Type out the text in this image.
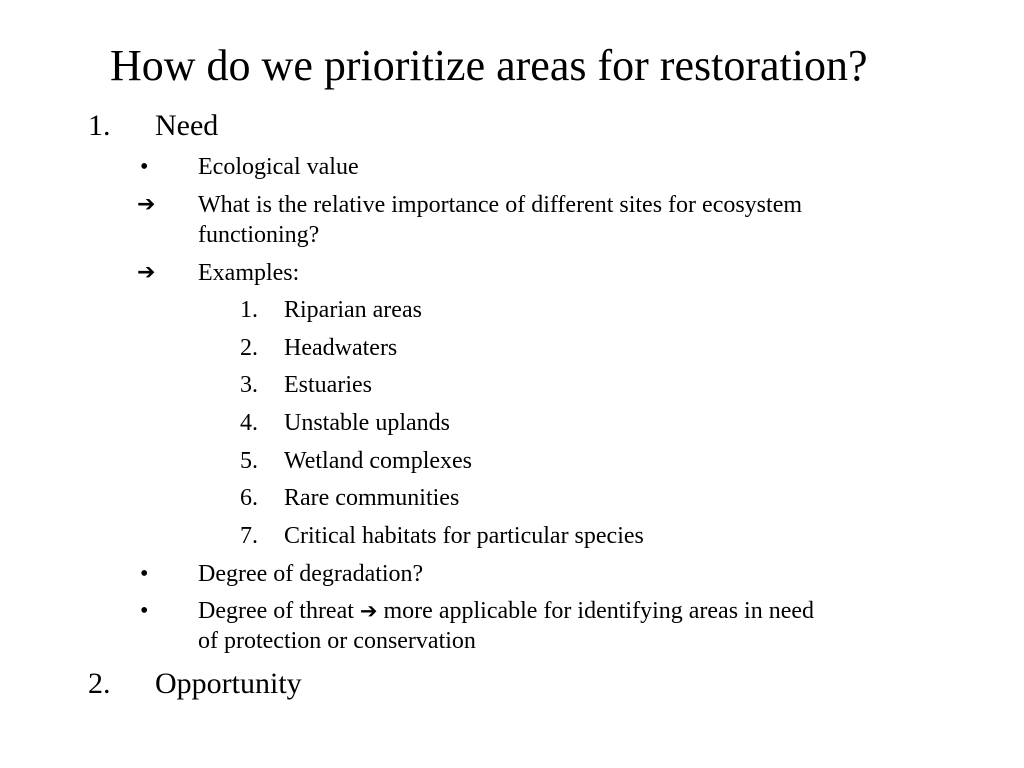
How do we prioritize areas for restoration?
1. Need
•	Ecological value
➔	What is the relative importance of different sites for ecosystem
functioning?
➔	Examples:
1. Riparian areas
2. Headwaters
3. Estuaries
4. Unstable uplands
5. Wetland complexes
6. Rare communities
7. Critical habitats for particular species
•	Degree of degradation?
•	Degree of threat ➔ more applicable for identifying areas in need
of protection or conservation
2. Opportunity
